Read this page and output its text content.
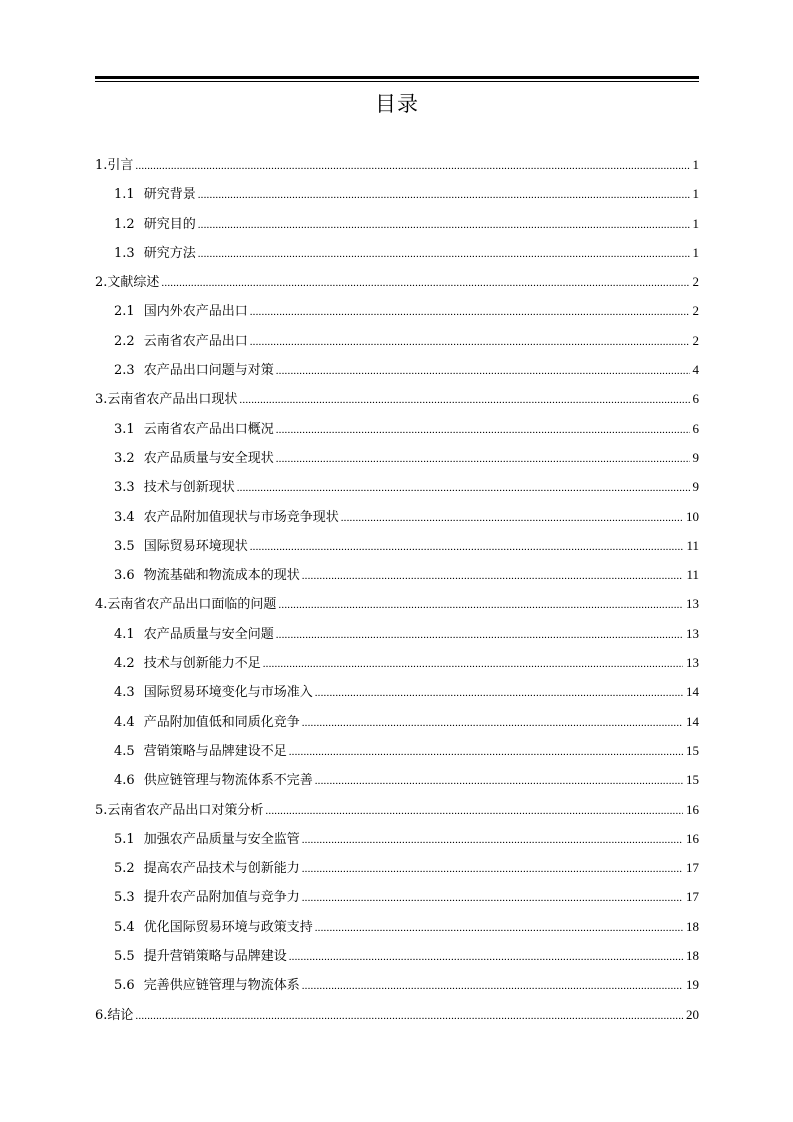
目录
1. 引言 .....	1
1.1 研究背景 .....	1
1.2 研究目的 .....	1
1.3 研究方法 .....	1
2. 文献综述 .....	2
2.1 国内外农产品出口 .....	2
2.2 云南省农产品出口 .....	2
2.3 农产品出口问题与对策 .....	4
3. 云南省农产品出口现状 .....	6
3.1 云南省农产品出口概况 .....	6
3.2 农产品质量与安全现状 .....	9
3.3 技术与创新现状 .....	9
3.4 农产品附加值现状与市场竞争现状 .....	10
3.5 国际贸易环境现状 .....	11
3.6 物流基础和物流成本的现状 .....	11
4. 云南省农产品出口面临的问题 .....	13
4.1 农产品质量与安全问题 .....	13
4.2 技术与创新能力不足 .....	13
4.3 国际贸易环境变化与市场准入 .....	14
4.4 产品附加值低和同质化竞争 .....	14
4.5 营销策略与品牌建设不足 .....	15
4.6 供应链管理与物流体系不完善 .....	15
5. 云南省农产品出口对策分析 .....	16
5.1 加强农产品质量与安全监管 .....	16
5.2 提高农产品技术与创新能力 .....	17
5.3 提升农产品附加值与竞争力 .....	17
5.4 优化国际贸易环境与政策支持 .....	18
5.5 提升营销策略与品牌建设 .....	18
5.6 完善供应链管理与物流体系 .....	19
6. 结论 .....	20
